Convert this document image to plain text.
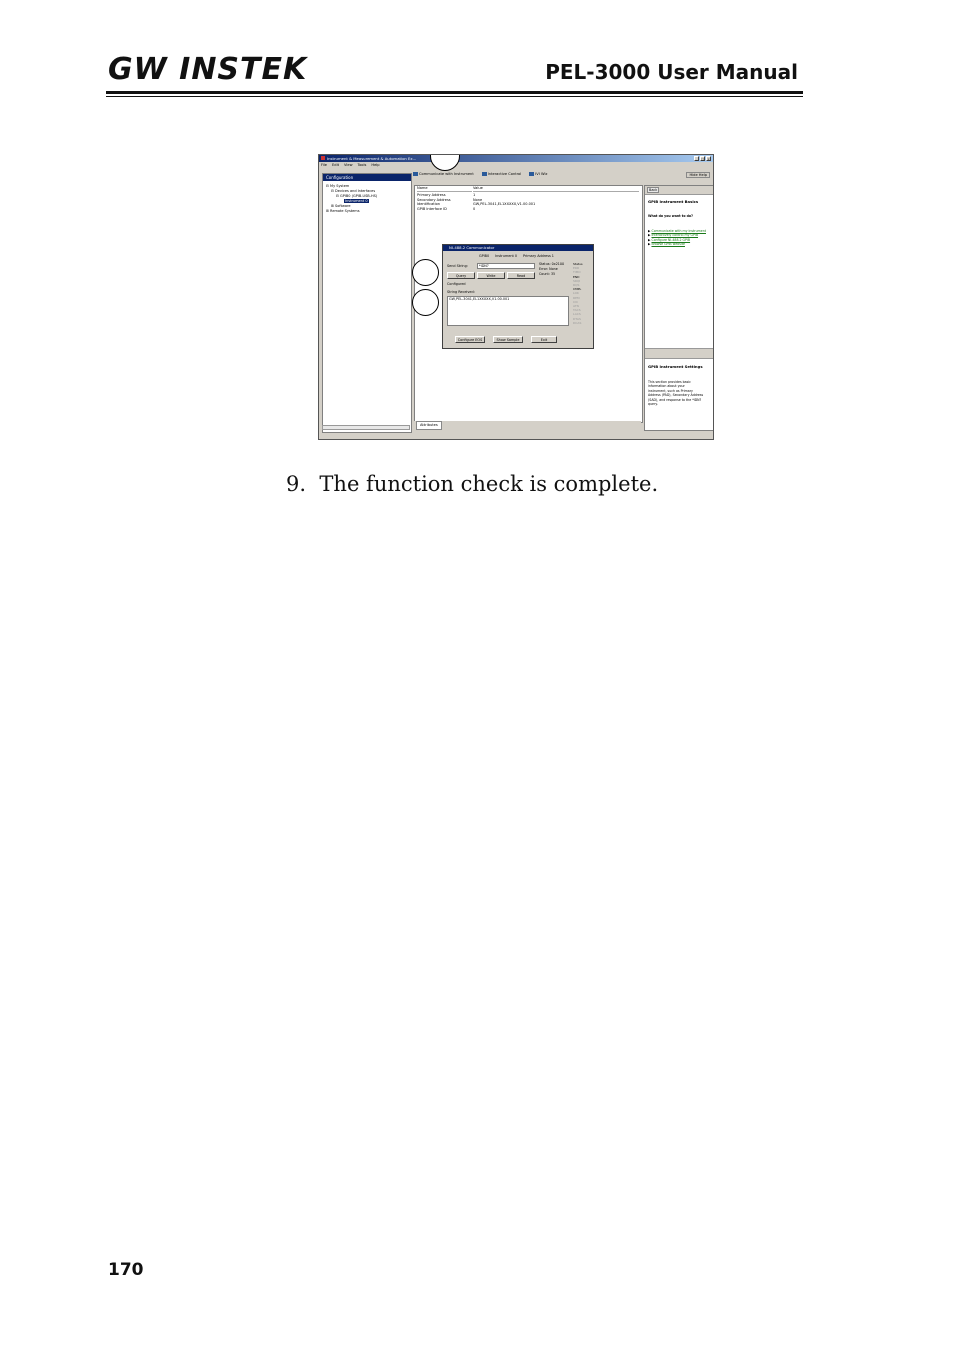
GW INSTEK	PEL-3000 User Manual
Instrument & Measurement & Automation Ex...	_	□	×
File Edit View Tools Help
Communicate with Instrument	Interactive Control	IVI Wiz	Hide Help
Configuration
⊟ My System
⊟ Devices and Interfaces
⊟ GPIB0 (GPIB-USB-HS)
Instrument 0
⊞ Software
⊞ Remote Systems
Name	Value
Primary Address	1
Secondary Address	None
Identification	GW,PEL-3041,EL1XXXXX,V1.00.001
GPIB Interface ID	0
Attributes
NI-488.2 Communicator
GPIB0 Instrument 0 Primary Address 1
Send String:	*IDN?
Query	Write	Read
Status: 0x2100
Error: None
Count: 35
Configured
String Received:
GW,PEL-3041,EL1XXXXX,V1.00.001
Status
ERR
TIMO
END
SRQI
RQS
CMPL
LOK
REM
CIC
ATN
TACS
LACS
DTAS
DCAS
Configure EOS	Show Sample	Exit
Back
GPIB Instrument Basics
What do you want to do?
▶ Communicate with my instrument
▶ Interactively control my GPIB
▶ Configure NI-488.2 GPIB
▶ Browse GPIB website
GPIB Instrument Settings
This section provides basic information about your instrument, such as Primary Address (PAD), Secondary Address (SAD), and response to the *IDN? query.
9. The function check is complete.
170
